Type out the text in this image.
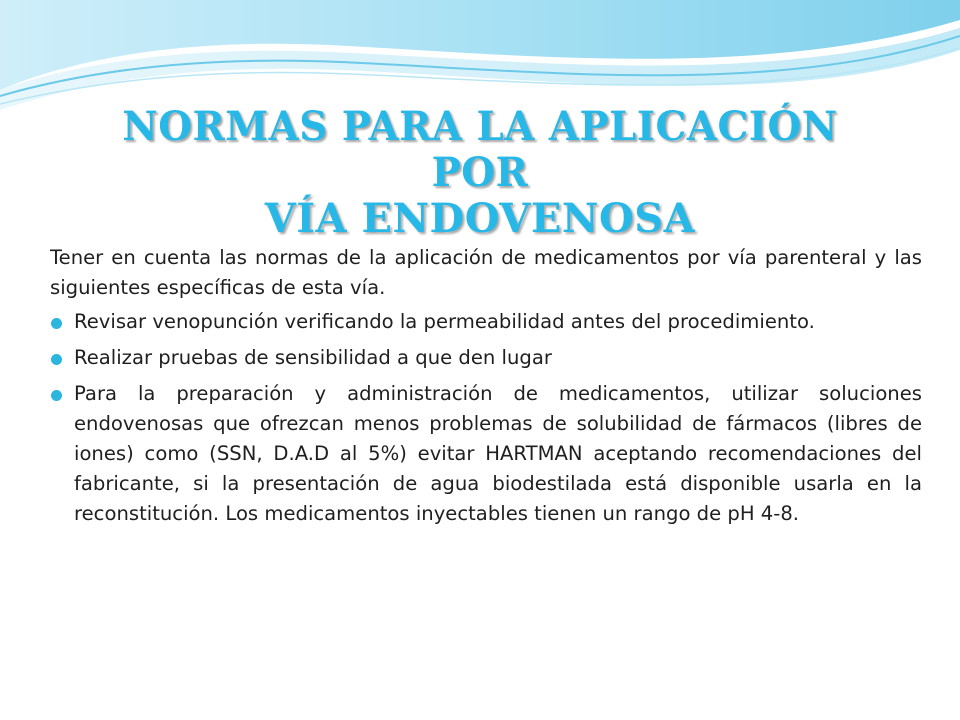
NORMAS PARA LA APLICACIÓN POR
VÍA ENDOVENOSA

Tener en cuenta las normas de la aplicación de medicamentos por vía parenteral y las siguientes específicas de esta vía.

Revisar venopunción verificando la permeabilidad antes del procedimiento.
Realizar pruebas de sensibilidad a que den lugar
Para la preparación y administración de medicamentos, utilizar soluciones endovenosas que ofrezcan menos problemas de solubilidad de fármacos (libres de iones) como (SSN, D.A.D al 5%) evitar HARTMAN aceptando recomendaciones del fabricante, si la presentación de agua biodestilada está disponible usarla en la reconstitución. Los medicamentos inyectables tienen un rango de pH 4-8.
